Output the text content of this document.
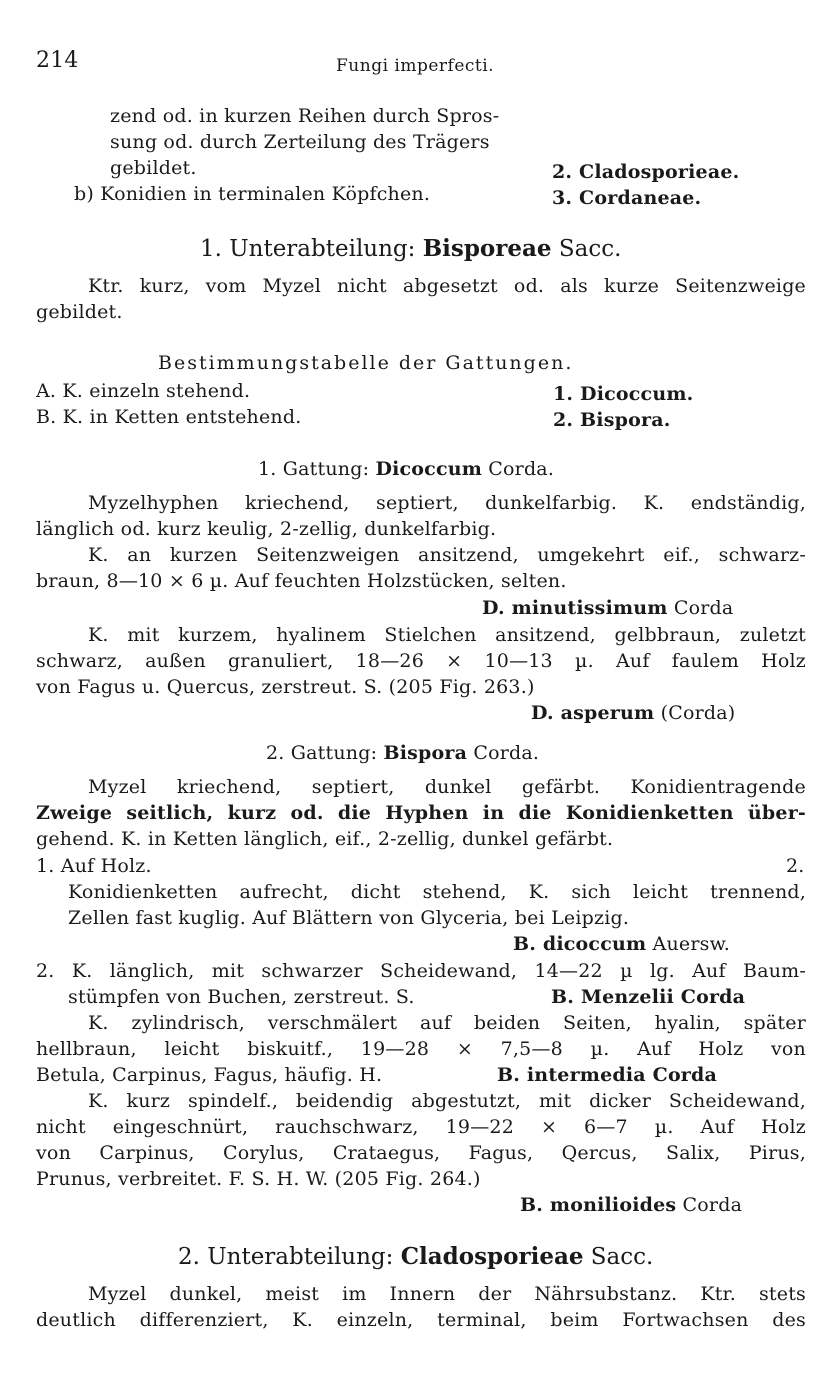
214	Fungi imperfecti.
zend od. in kurzen Reihen durch Spros-
sung od. durch Zerteilung des Trägers
gebildet.	2. Cladosporieae.
b) Konidien in terminalen Köpfchen.	3. Cordaneae.
1. Unterabteilung: Bisporeae Sacc.
Ktr. kurz, vom Myzel nicht abgesetzt od. als kurze Seitenzweige
gebildet.
Bestimmungstabelle der Gattungen.
A. K. einzeln stehend.	1. Dicoccum.
B. K. in Ketten entstehend.	2. Bispora.
1. Gattung: Dicoccum Corda.
Myzelhyphen kriechend, septiert, dunkelfarbig. K. endständig,
länglich od. kurz keulig, 2-zellig, dunkelfarbig.
K. an kurzen Seitenzweigen ansitzend, umgekehrt eif., schwarz-
braun, 8—10 × 6 µ. Auf feuchten Holzstücken, selten.
D. minutissimum Corda
K. mit kurzem, hyalinem Stielchen ansitzend, gelbbraun, zuletzt
schwarz, außen granuliert, 18—26 × 10—13 µ. Auf faulem Holz
von Fagus u. Quercus, zerstreut. S. (205 Fig. 263.)
D. asperum (Corda)
2. Gattung: Bispora Corda.
Myzel kriechend, septiert, dunkel gefärbt. Konidientragende
Zweige seitlich, kurz od. die Hyphen in die Konidienketten über-
gehend. K. in Ketten länglich, eif., 2-zellig, dunkel gefärbt.
1. Auf Holz.	2.
Konidienketten aufrecht, dicht stehend, K. sich leicht trennend,
Zellen fast kuglig. Auf Blättern von Glyceria, bei Leipzig.
B. dicoccum Auersw.
2. K. länglich, mit schwarzer Scheidewand, 14—22 µ lg. Auf Baum-
stümpfen von Buchen, zerstreut. S.	B. Menzelii Corda
K. zylindrisch, verschmälert auf beiden Seiten, hyalin, später
hellbraun, leicht biskuitf., 19—28 × 7,5—8 µ. Auf Holz von
Betula, Carpinus, Fagus, häufig. H.	B. intermedia Corda
K. kurz spindelf., beidendig abgestutzt, mit dicker Scheidewand,
nicht eingeschnürt, rauchschwarz, 19—22 × 6—7 µ. Auf Holz
von Carpinus, Corylus, Crataegus, Fagus, Qercus, Salix, Pirus,
Prunus, verbreitet. F. S. H. W. (205 Fig. 264.)
B. monilioides Corda
2. Unterabteilung: Cladosporieae Sacc.
Myzel dunkel, meist im Innern der Nährsubstanz. Ktr. stets
deutlich differenziert, K. einzeln, terminal, beim Fortwachsen des
